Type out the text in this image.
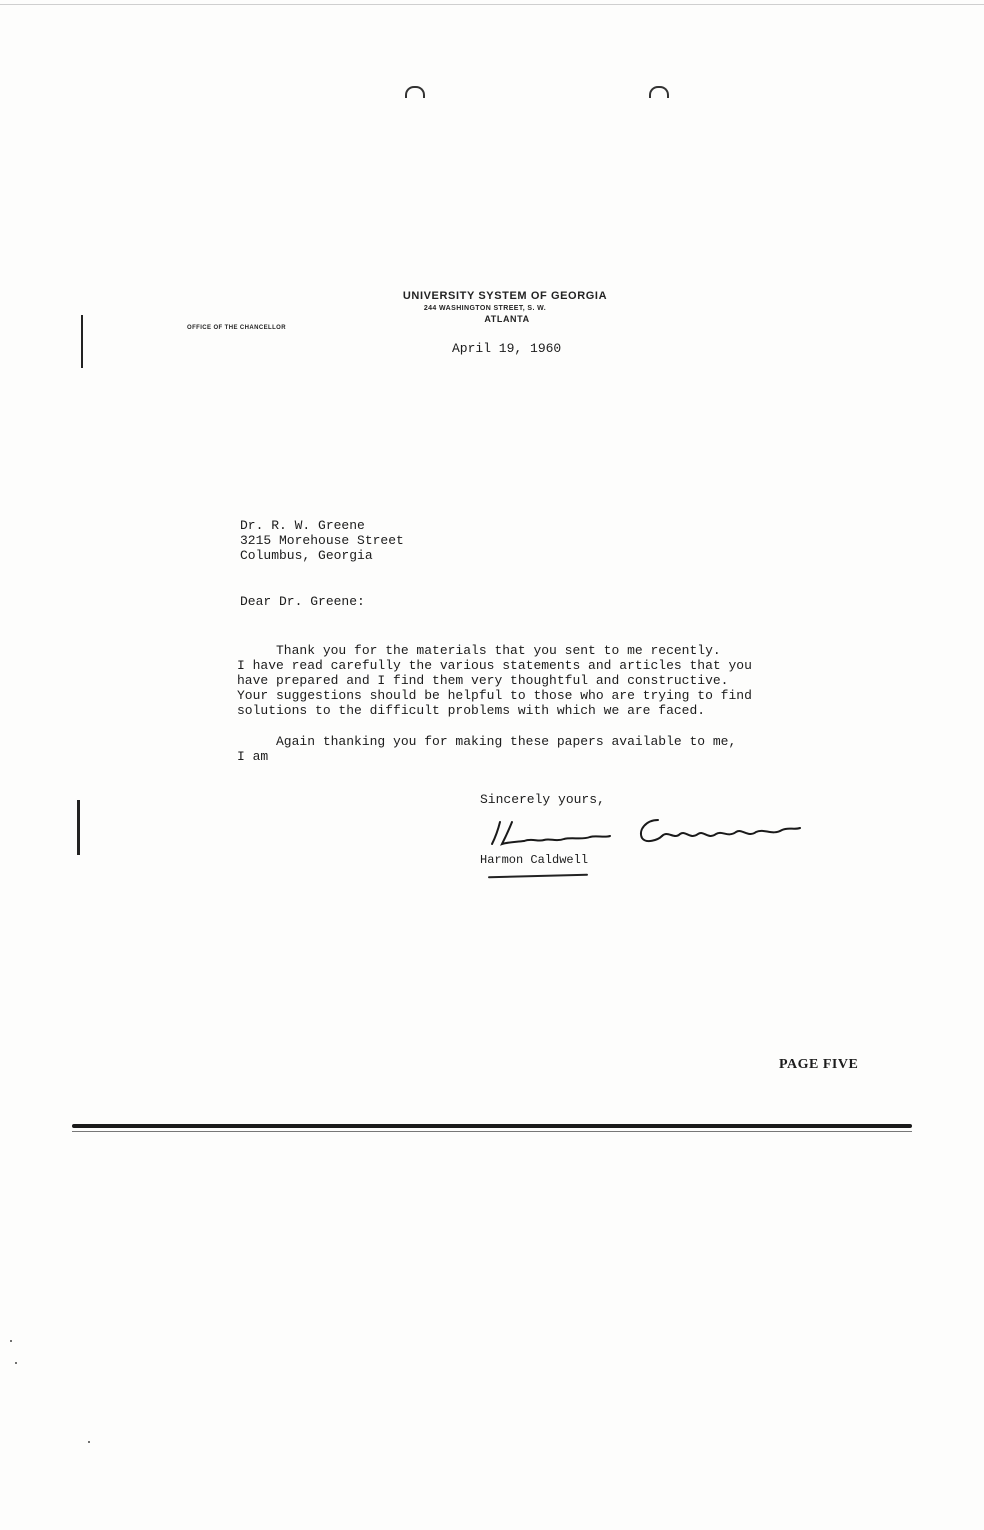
UNIVERSITY SYSTEM OF GEORGIA
244 WASHINGTON STREET, S. W.
ATLANTA
OFFICE OF THE CHANCELLOR
April 19, 1960
Dr. R. W. Greene
3215 Morehouse Street
Columbus, Georgia
Dear Dr. Greene:
Thank you for the materials that you sent to me recently.
I have read carefully the various statements and articles that you
have prepared and I find them very thoughtful and constructive.
Your suggestions should be helpful to those who are trying to find
solutions to the difficult problems with which we are faced.
Again thanking you for making these papers available to me,
I am
Sincerely yours,
Harmon Caldwell
PAGE FIVE
